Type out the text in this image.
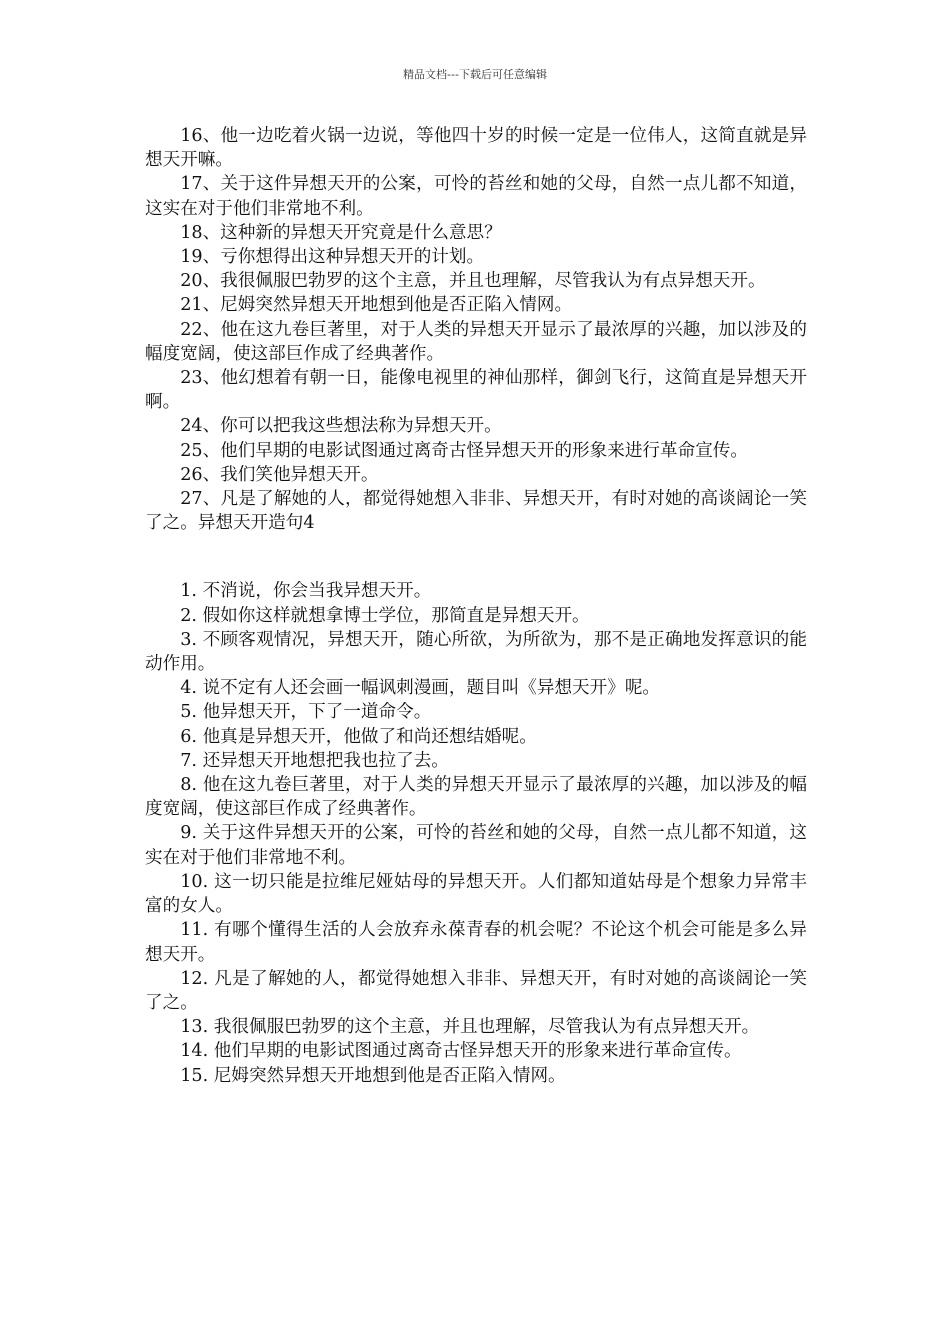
精品文档---下载后可任意编辑

16、他一边吃着火锅一边说，等他四十岁的时候一定是一位伟人，这简直就是异想天开嘛。

17、关于这件异想天开的公案，可怜的苔丝和她的父母，自然一点儿都不知道，这实在对于他们非常地不利。

18、这种新的异想天开究竟是什么意思？

19、亏你想得出这种异想天开的计划。

20、我很佩服巴勃罗的这个主意，并且也理解，尽管我认为有点异想天开。

21、尼姆突然异想天开地想到他是否正陷入情网。

22、他在这九卷巨著里，对于人类的异想天开显示了最浓厚的兴趣，加以涉及的幅度宽阔，使这部巨作成了经典著作。

23、他幻想着有朝一日，能像电视里的神仙那样，御剑飞行，这简直是异想天开啊。

24、你可以把我这些想法称为异想天开。

25、他们早期的电影试图通过离奇古怪异想天开的形象来进行革命宣传。

26、我们笑他异想天开。

27、凡是了解她的人，都觉得她想入非非、异想天开，有时对她的高谈阔论一笑了之。异想天开造句4

1. 不消说，你会当我异想天开。

2. 假如你这样就想拿博士学位，那简直是异想天开。

3. 不顾客观情况，异想天开，随心所欲，为所欲为，那不是正确地发挥意识的能动作用。

4. 说不定有人还会画一幅讽刺漫画，题目叫《异想天开》呢。

5. 他异想天开，下了一道命令。

6. 他真是异想天开，他做了和尚还想结婚呢。

7. 还异想天开地想把我也拉了去。

8. 他在这九卷巨著里，对于人类的异想天开显示了最浓厚的兴趣，加以涉及的幅度宽阔，使这部巨作成了经典著作。

9. 关于这件异想天开的公案，可怜的苔丝和她的父母，自然一点儿都不知道，这实在对于他们非常地不利。

10. 这一切只能是拉维尼娅姑母的异想天开。人们都知道姑母是个想象力异常丰富的女人。

11. 有哪个懂得生活的人会放弃永葆青春的机会呢？不论这个机会可能是多么异想天开。

12. 凡是了解她的人，都觉得她想入非非、异想天开，有时对她的高谈阔论一笑了之。

13. 我很佩服巴勃罗的这个主意，并且也理解，尽管我认为有点异想天开。

14. 他们早期的电影试图通过离奇古怪异想天开的形象来进行革命宣传。

15. 尼姆突然异想天开地想到他是否正陷入情网。
